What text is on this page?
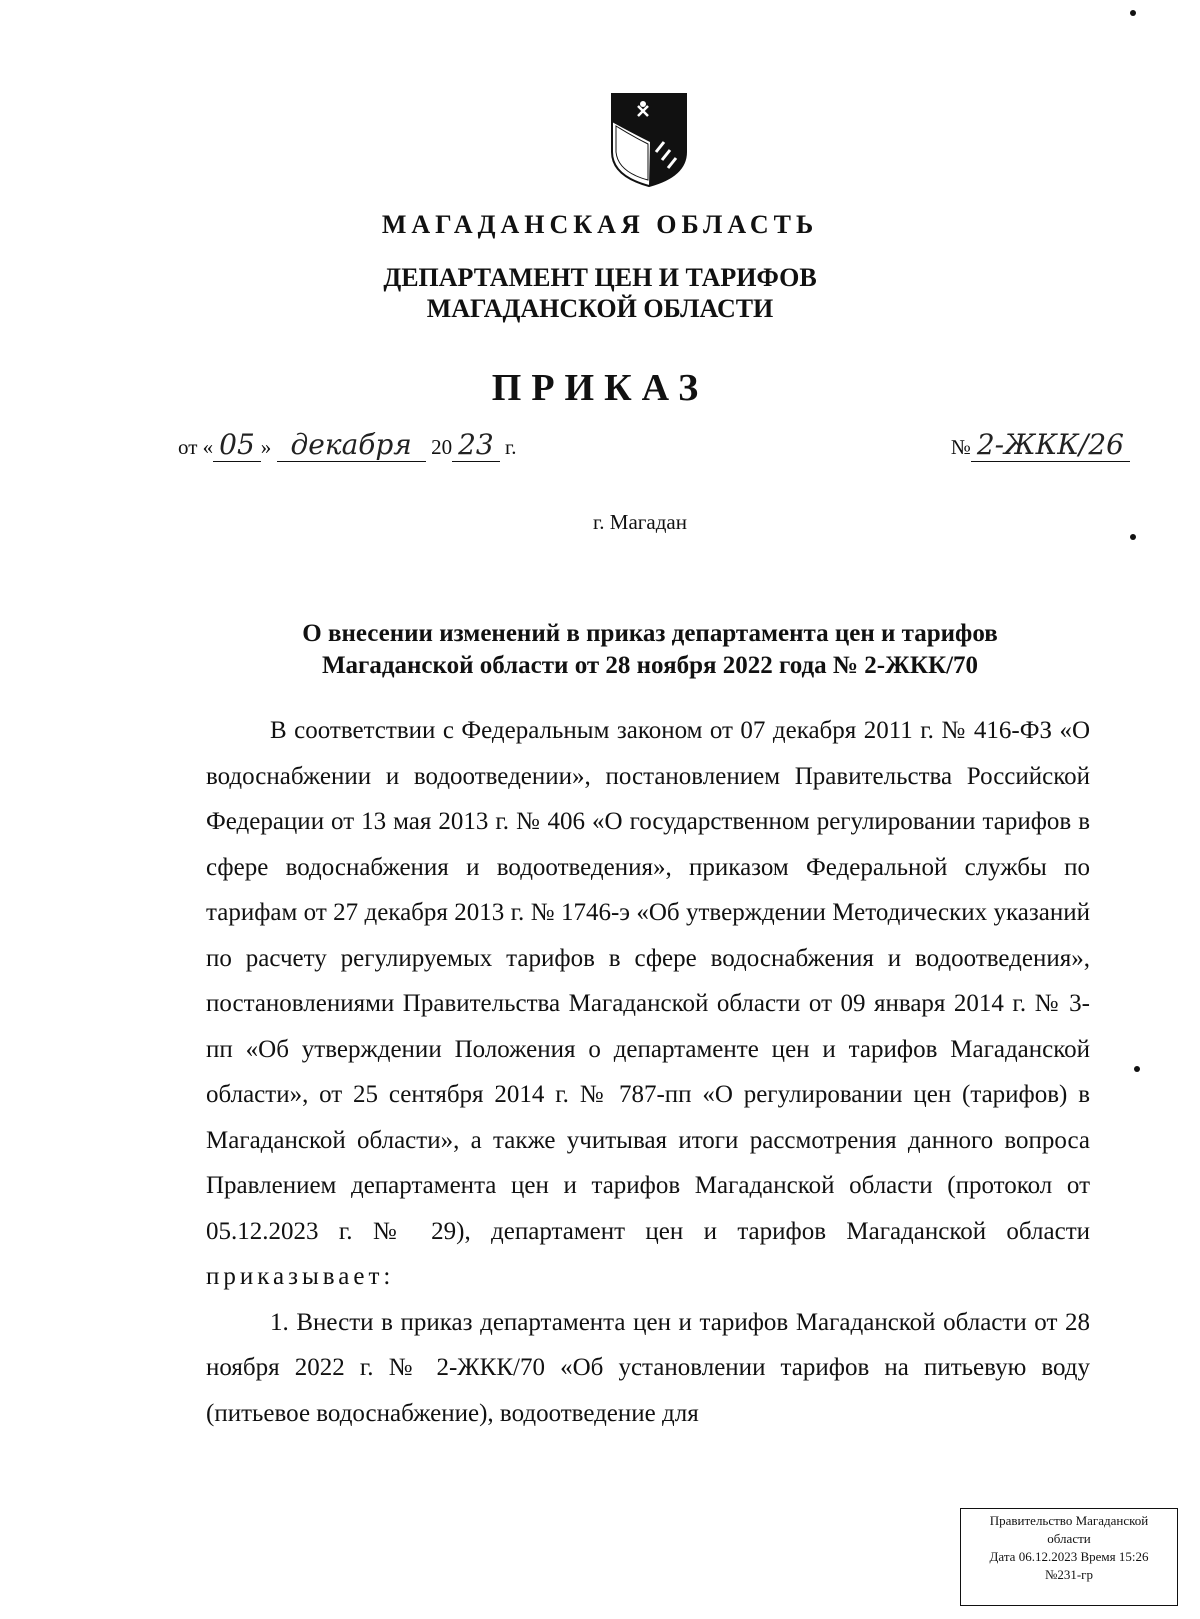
МАГАДАНСКАЯ ОБЛАСТЬ
ДЕПАРТАМЕНТ ЦЕН И ТАРИФОВ
МАГАДАНСКОЙ ОБЛАСТИ
ПРИКАЗ
от « 05 » декабря 20 23 г.	№ 2-ЖКК/26
г. Магадан
О внесении изменений в приказ департамента цен и тарифов
Магаданской области от 28 ноября 2022 года № 2-ЖКК/70

В соответствии с Федеральным законом от 07 декабря 2011 г. № 416-ФЗ «О водоснабжении и водоотведении», постановлением Правительства Российской Федерации от 13 мая 2013 г. № 406 «О государственном регулировании тарифов в сфере водоснабжения и водоотведения», приказом Федеральной службы по тарифам от 27 декабря 2013 г. № 1746-э «Об утверждении Методических указаний по расчету регулируемых тарифов в сфере водоснабжения и водоотведения», постановлениями Правительства Магаданской области от 09 января 2014 г. № 3-пп «Об утверждении Положения о департаменте цен и тарифов Магаданской области», от 25 сентября 2014 г. № 787-пп «О регулировании цен (тарифов) в Магаданской области», а также учитывая итоги рассмотрения данного вопроса Правлением департамента цен и тарифов Магаданской области (протокол от 05.12.2023 г. № 29), департамент цен и тарифов Магаданской области приказывает:

1. Внести в приказ департамента цен и тарифов Магаданской области от 28 ноября 2022 г. № 2-ЖКК/70 «Об установлении тарифов на питьевую воду (питьевое водоснабжение), водоотведение для

Правительство Магаданской
области
Дата 06.12.2023 Время 15:26
№231-гр
